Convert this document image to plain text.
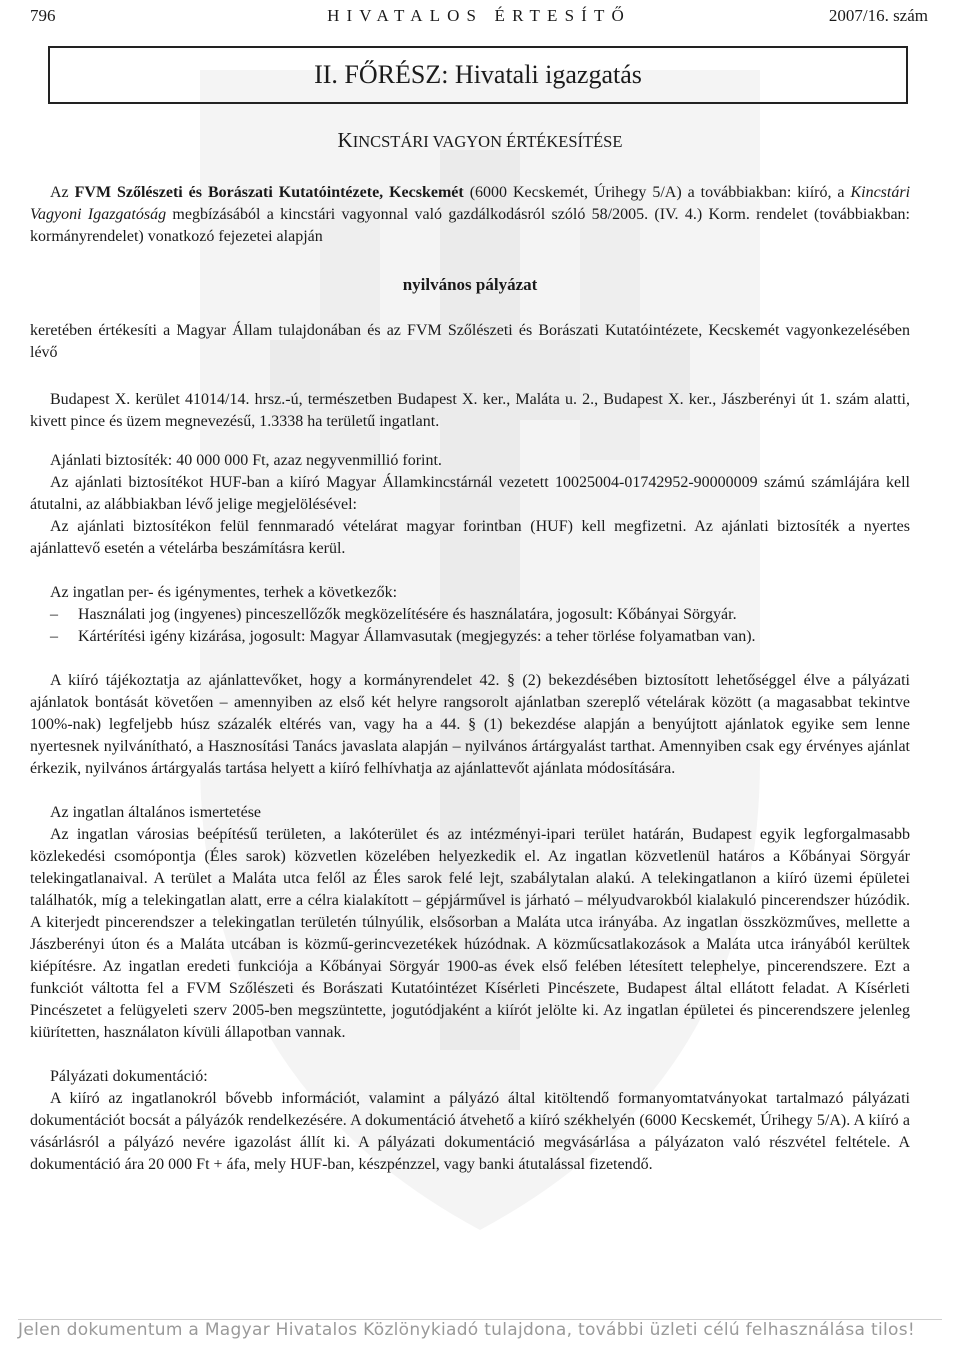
796	HIVATALOS ÉRTESÍTŐ	2007/16. szám
II. FŐRÉSZ: Hivatali igazgatás
KINCSTÁRI VAGYON ÉRTÉKESÍTÉSE

Az FVM Szőlészeti és Borászati Kutatóintézete, Kecskemét (6000 Kecskemét, Úrihegy 5/A) a továbbiakban: kiíró, a Kincstári Vagyoni Igazgatóság megbízásából a kincstári vagyonnal való gazdálkodásról szóló 58/2005. (IV. 4.) Korm. rendelet (továbbiakban: kormányrendelet) vonatkozó fejezetei alapján

nyilvános pályázat

keretében értékesíti a Magyar Állam tulajdonában és az FVM Szőlészeti és Borászati Kutatóintézete, Kecskemét vagyonkezelésében lévő

Budapest X. kerület 41014/14. hrsz.-ú, természetben Budapest X. ker., Maláta u. 2., Budapest X. ker., Jászberényi út 1. szám alatti, kivett pince és üzem megnevezésű, 1.3338 ha területű ingatlant.

Ajánlati biztosíték: 40 000 000 Ft, azaz negyvenmillió forint.

Az ajánlati biztosítékot HUF-ban a kiíró Magyar Államkincstárnál vezetett 10025004-01742952-90000009 számú számlájára kell átutalni, az alábbiakban lévő jelige megjelölésével:

Az ajánlati biztosítékon felül fennmaradó vételárat magyar forintban (HUF) kell megfizetni. Az ajánlati biztosíték a nyertes ajánlattevő esetén a vételárba beszámításra kerül.

Az ingatlan per- és igénymentes, terhek a következők:

–	Használati jog (ingyenes) pinceszellőzők megközelítésére és használatára, jogosult: Kőbányai Sörgyár.
–	Kártérítési igény kizárása, jogosult: Magyar Államvasutak (megjegyzés: a teher törlése folyamatban van).

A kiíró tájékoztatja az ajánlattevőket, hogy a kormányrendelet 42. § (2) bekezdésében biztosított lehetőséggel élve a pályázati ajánlatok bontását követően – amennyiben az első két helyre rangsorolt ajánlatban szereplő vételárak között (a magasabbat tekintve 100%-nak) legfeljebb húsz százalék eltérés van, vagy ha a 44. § (1) bekezdése alapján a benyújtott ajánlatok egyike sem lenne nyertesnek nyilvánítható, a Hasznosítási Tanács javaslata alapján – nyilvános ártárgyalást tarthat. Amennyiben csak egy érvényes ajánlat érkezik, nyilvános ártárgyalás tartása helyett a kiíró felhívhatja az ajánlattevőt ajánlata módosítására.

Az ingatlan általános ismertetése

Az ingatlan városias beépítésű területen, a lakóterület és az intézményi-ipari terület határán, Budapest egyik legforgalmasabb közlekedési csomópontja (Éles sarok) közvetlen közelében helyezkedik el. Az ingatlan közvetlenül határos a Kőbányai Sörgyár telekingatlanaival. A terület a Maláta utca felől az Éles sarok felé lejt, szabálytalan alakú. A telekingatlanon a kiíró üzemi épületei találhatók, míg a telekingatlan alatt, erre a célra kialakított – gépjárművel is járható – mélyudvarokból kialakuló pincerendszer húzódik. A kiterjedt pincerendszer a telekingatlan területén túlnyúlik, elsősorban a Maláta utca irányába. Az ingatlan összközműves, mellette a Jászberényi úton és a Maláta utcában is közmű-gerincvezetékek húzódnak. A közműcsatlakozások a Maláta utca irányából kerültek kiépítésre. Az ingatlan eredeti funkciója a Kőbányai Sörgyár 1900-as évek első felében létesített telephelye, pincerendszere. Ezt a funkciót váltotta fel a FVM Szőlészeti és Borászati Kutatóintézet Kísérleti Pincészete, Budapest által ellátott feladat. A Kísérleti Pincészetet a felügyeleti szerv 2005-ben megszüntette, jogutódjaként a kiírót jelölte ki. Az ingatlan épületei és pincerendszere jelenleg kiürítetten, használaton kívüli állapotban vannak.

Pályázati dokumentáció:

A kiíró az ingatlanokról bővebb információt, valamint a pályázó által kitöltendő formanyomtatványokat tartalmazó pályázati dokumentációt bocsát a pályázók rendelkezésére. A dokumentáció átvehető a kiíró székhelyén (6000 Kecskemét, Úrihegy 5/A). A kiíró a vásárlásról a pályázó nevére igazolást állít ki. A pályázati dokumentáció megvásárlása a pályázaton való részvétel feltétele. A dokumentáció ára 20 000 Ft + áfa, mely HUF-ban, készpénzzel, vagy banki átutalással fizetendő.

Jelen dokumentum a Magyar Hivatalos Közlönykiadó tulajdona, további üzleti célú felhasználása tilos!
